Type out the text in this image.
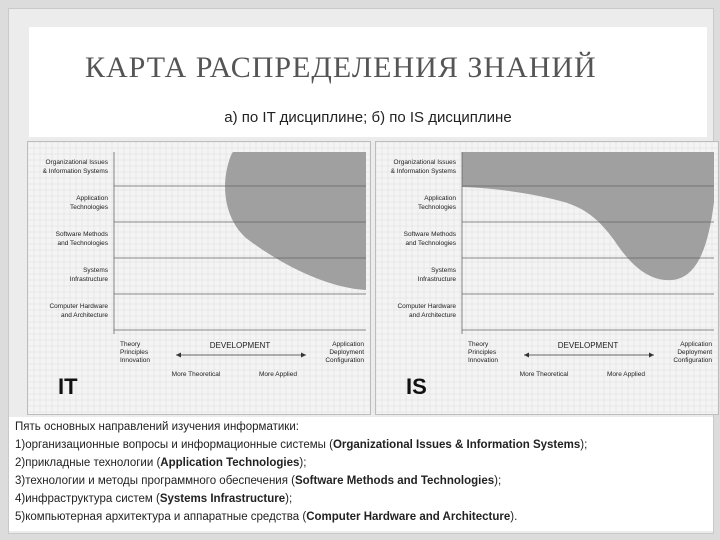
КАРТА РАСПРЕДЕЛЕНИЯ ЗНАНИЙ
а) по IT дисциплине; б) по IS дисциплине
Organizational Issues
& Information Systems
Application
Technologies
Software Methods
and Technologies
Systems
Infrastructure
Computer Hardware
and Architecture
Theory
Principles
Innovation
Application
Deployment
Configuration
DEVELOPMENT
More Theoretical	More Applied
IT
Organizational Issues
& Information Systems
Application
Technologies
Software Methods
and Technologies
Systems
Infrastructure
Computer Hardware
and Architecture
Theory
Principles
Innovation
Application
Deployment
Configuration
DEVELOPMENT
More Theoretical	More Applied
IS
Пять основных направлений изучения информатики:
1)организационные вопросы и информационные системы (Organizational Issues & Information Systems);
2)прикладные технологии (Application Technologies);
3)технологии и методы программного обеспечения (Software Methods and Technologies);
4)инфраструктура систем (Systems Infrastructure);
5)компьютерная архитектура и аппаратные средства (Computer Hardware and Architecture).
